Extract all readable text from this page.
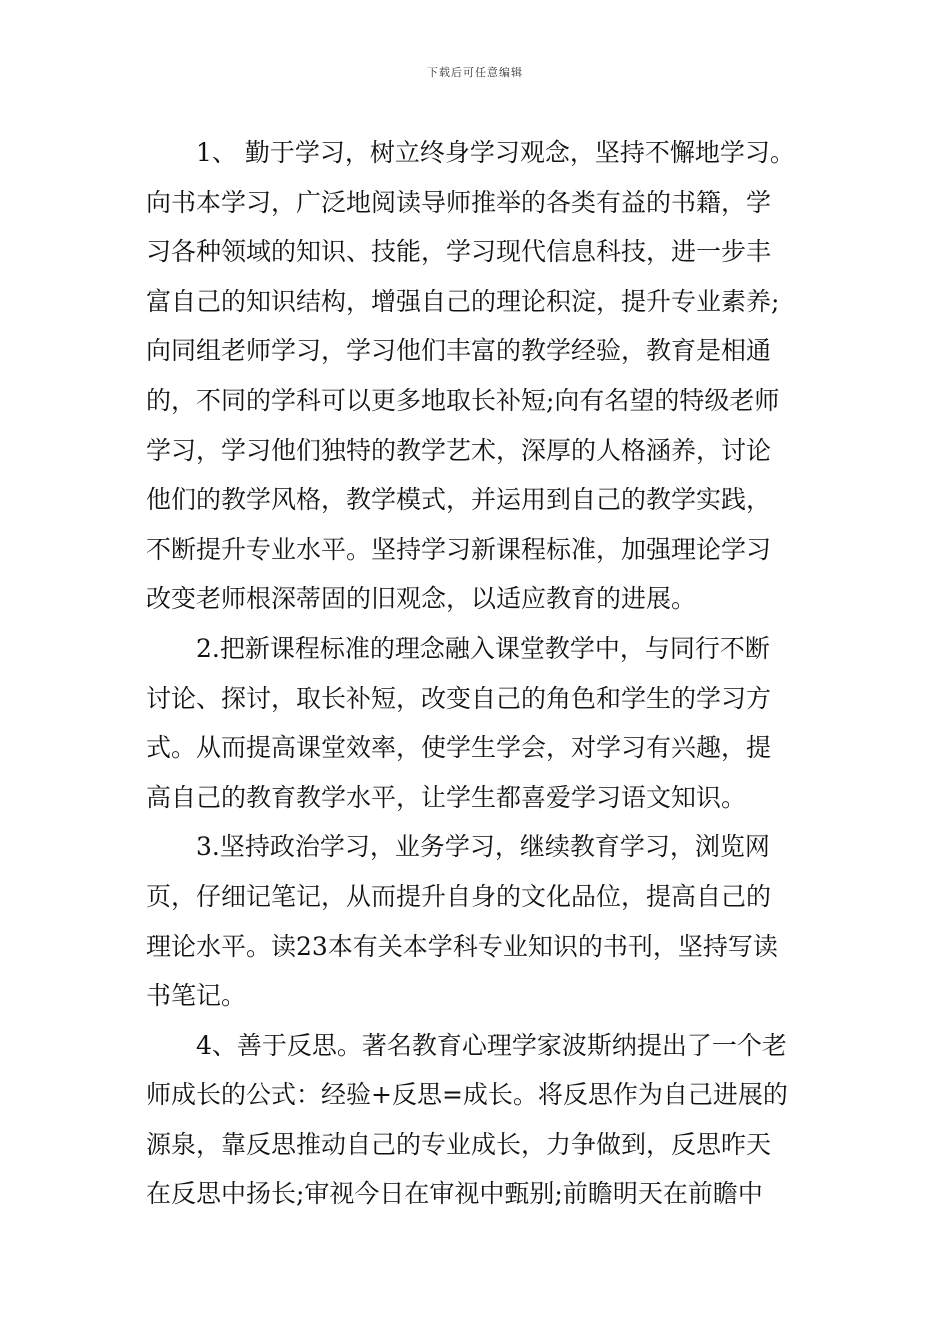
下载后可任意编辑
1、 勤于学习，树立终身学习观念，坚持不懈地学习。
向书本学习，广泛地阅读导师推举的各类有益的书籍，学
习各种领域的知识、技能，学习现代信息科技，进一步丰
富自己的知识结构，增强自己的理论积淀，提升专业素养;
向同组老师学习，学习他们丰富的教学经验，教育是相通
的，不同的学科可以更多地取长补短;向有名望的特级老师
学习，学习他们独特的教学艺术，深厚的人格涵养，讨论
他们的教学风格，教学模式，并运用到自己的教学实践，
不断提升专业水平。坚持学习新课程标准，加强理论学习
改变老师根深蒂固的旧观念，以适应教育的进展。
2.把新课程标准的理念融入课堂教学中，与同行不断
讨论、探讨，取长补短，改变自己的角色和学生的学习方
式。从而提高课堂效率，使学生学会，对学习有兴趣，提
高自己的教育教学水平，让学生都喜爱学习语文知识。
3.坚持政治学习，业务学习，继续教育学习，浏览网
页，仔细记笔记，从而提升自身的文化品位，提高自己的
理论水平。读23本有关本学科专业知识的书刊，坚持写读
书笔记。
4、善于反思。著名教育心理学家波斯纳提出了一个老
师成长的公式：经验+反思=成长。将反思作为自己进展的
源泉，靠反思推动自己的专业成长，力争做到，反思昨天
在反思中扬长;审视今日在审视中甄别;前瞻明天在前瞻中
